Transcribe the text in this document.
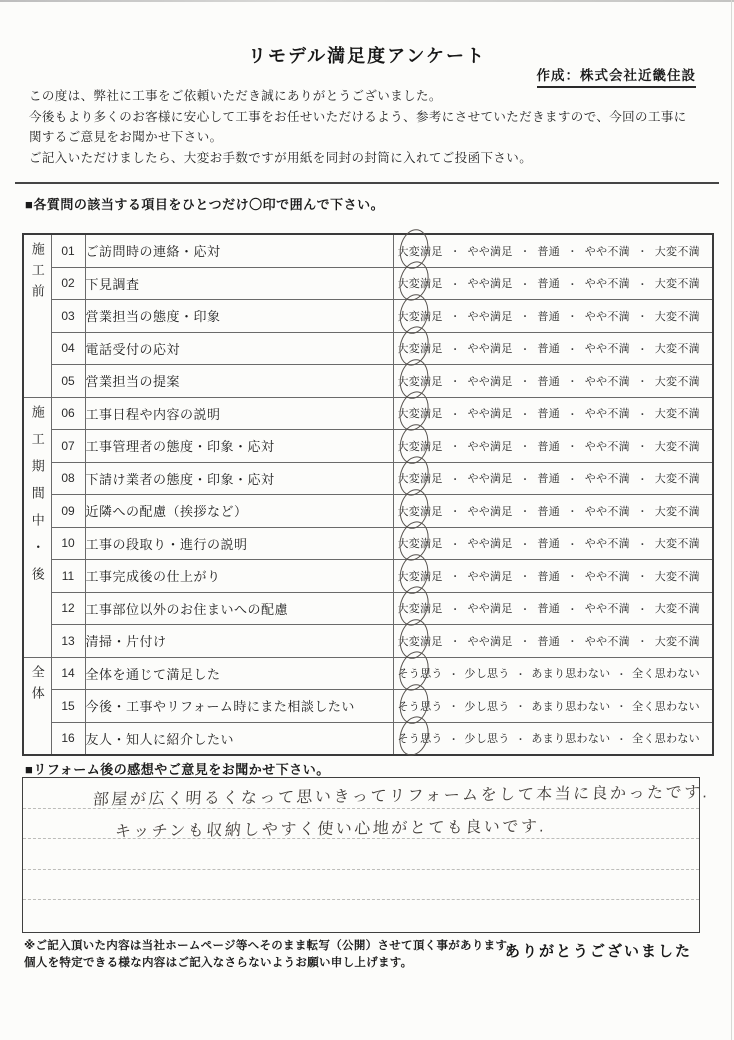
リモデル満足度アンケート
作成：株式会社近畿住設
この度は、弊社に工事をご依頼いただき誠にありがとうございました。
今後もより多くのお客様に安心して工事をお任せいただけるよう、参考にさせていただきますので、今回の工事に
関するご意見をお聞かせ下さい。
ご記入いただけましたら、大変お手数ですが用紙を同封の封筒に入れてご投函下さい。
■各質問の該当する項目をひとつだけ〇印で囲んで下さい。
施工前	01	ご訪問時の連絡・応対	大変満足 ・ やや満足 ・ 普通 ・ やや不満 ・ 大変不満

02	下見調査	大変満足 ・ やや満足 ・ 普通 ・ やや不満 ・ 大変不満

03	営業担当の態度・印象	大変満足 ・ やや満足 ・ 普通 ・ やや不満 ・ 大変不満

04	電話受付の応対	大変満足 ・ やや満足 ・ 普通 ・ やや不満 ・ 大変不満

05	営業担当の提案	大変満足 ・ やや満足 ・ 普通 ・ やや不満 ・ 大変不満

施工期間中・後	06	工事日程や内容の説明	大変満足 ・ やや満足 ・ 普通 ・ やや不満 ・ 大変不満

07	工事管理者の態度・印象・応対	大変満足 ・ やや満足 ・ 普通 ・ やや不満 ・ 大変不満

08	下請け業者の態度・印象・応対	大変満足 ・ やや満足 ・ 普通 ・ やや不満 ・ 大変不満

09	近隣への配慮（挨拶など）	大変満足 ・ やや満足 ・ 普通 ・ やや不満 ・ 大変不満

10	工事の段取り・進行の説明	大変満足 ・ やや満足 ・ 普通 ・ やや不満 ・ 大変不満

11	工事完成後の仕上がり	大変満足 ・ やや満足 ・ 普通 ・ やや不満 ・ 大変不満

12	工事部位以外のお住まいへの配慮	大変満足 ・ やや満足 ・ 普通 ・ やや不満 ・ 大変不満

13	清掃・片付け	大変満足 ・ やや満足 ・ 普通 ・ やや不満 ・ 大変不満

全体	14	全体を通じて満足した	そう思う ・ 少し思う ・ あまり思わない ・ 全く思わない

15	今後・工事やリフォーム時にまた相談したい	そう思う ・ 少し思う ・ あまり思わない ・ 全く思わない

16	友人・知人に紹介したい	そう思う ・ 少し思う ・ あまり思わない ・ 全く思わない
■リフォーム後の感想やご意見をお聞かせ下さい。
部屋が広く明るくなって思いきってリフォームをして本当に良かったです.
キッチンも収納しやすく使い心地がとても良いです.
※ご記入頂いた内容は当社ホームページ等へそのまま転写（公開）させて頂く事があります。
個人を特定できる様な内容はご記入なさらないようお願い申し上げます。
ありがとうございました
